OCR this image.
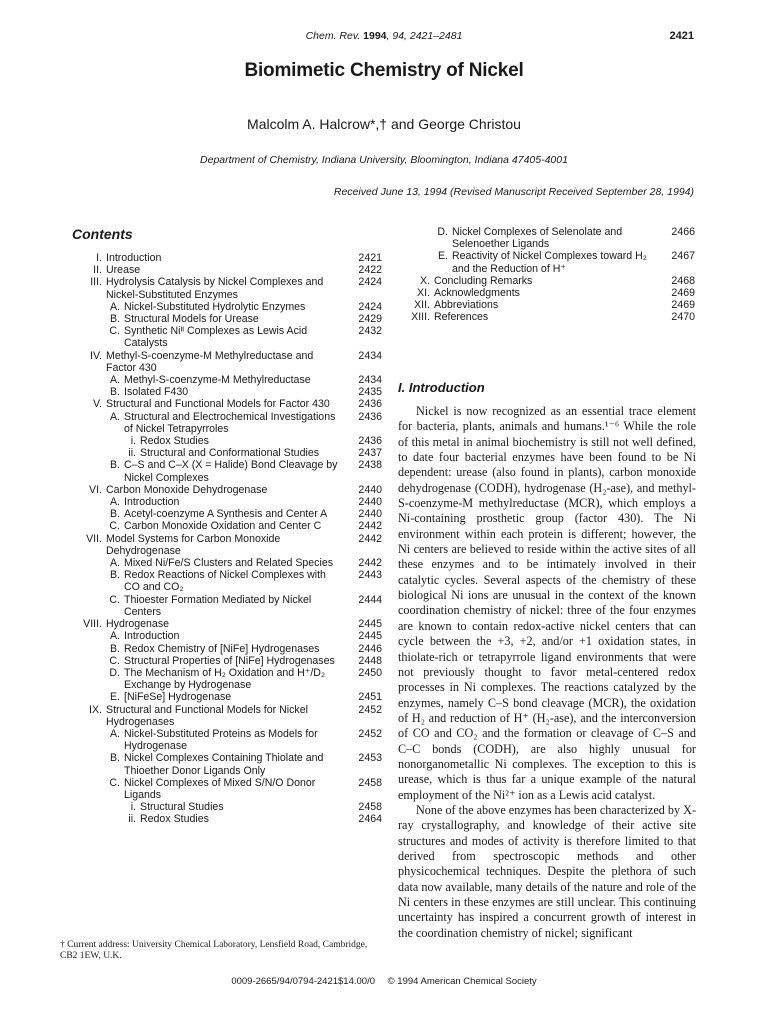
Chem. Rev. 1994, 94, 2421–2481	2421
Biomimetic Chemistry of Nickel
Malcolm A. Halcrow*,† and George Christou
Department of Chemistry, Indiana University, Bloomington, Indiana 47405-4001
Received June 13, 1994 (Revised Manuscript Received September 28, 1994)
Contents
I. Introduction	2421
II. Urease	2422
III. Hydrolysis Catalysis by Nickel Complexes and Nickel-Substituted Enzymes
2424
A. Nickel-Substituted Hydrolytic Enzymes	2424
B. Structural Models for Urease	2429
C. Synthetic Niᴵᴵ Complexes as Lewis Acid Catalysts
2432
IV. Methyl-S-coenzyme-M Methylreductase and Factor 430
2434
A. Methyl-S-coenzyme-M Methylreductase	2434
B. Isolated F430	2435
V. Structural and Functional Models for Factor 430	2436
A. Structural and Electrochemical Investigations of Nickel Tetrapyrroles
2436
i. Redox Studies	2436
ii. Structural and Conformational Studies	2437
B. C–S and C–X (X = Halide) Bond Cleavage by Nickel Complexes
2438
VI. Carbon Monoxide Dehydrogenase	2440
A. Introduction	2440
B. Acetyl-coenzyme A Synthesis and Center A	2440
C. Carbon Monoxide Oxidation and Center C	2442
VII. Model Systems for Carbon Monoxide Dehydrogenase
2442
A. Mixed Ni/Fe/S Clusters and Related Species	2442
B. Redox Reactions of Nickel Complexes with CO and CO₂
2443
C. Thioester Formation Mediated by Nickel Centers
2444
VIII. Hydrogenase	2445
A. Introduction	2445
B. Redox Chemistry of [NiFe] Hydrogenases	2446
C. Structural Properties of [NiFe] Hydrogenases	2448
D. The Mechanism of H₂ Oxidation and H⁺/D₂ Exchange by Hydrogenase
2450
E. [NiFeSe] Hydrogenase	2451
IX. Structural and Functional Models for Nickel Hydrogenases
2452
A. Nickel-Substituted Proteins as Models for Hydrogenase
2452
B. Nickel Complexes Containing Thiolate and Thioether Donor Ligands Only
2453
C. Nickel Complexes of Mixed S/N/O Donor Ligands
2458
i. Structural Studies	2458
ii. Redox Studies	2464
D. Nickel Complexes of Selenolate and Selenoether Ligands
2466
E. Reactivity of Nickel Complexes toward H₂ and the Reduction of H⁺
2467
X. Concluding Remarks	2468
XI. Acknowledgments	2469
XII. Abbreviations	2469
XIII. References	2470
I. Introduction

Nickel is now recognized as an essential trace element for bacteria, plants, animals and humans.¹⁻⁶ While the role of this metal in animal biochemistry is still not well defined, to date four bacterial enzymes have been found to be Ni dependent: urease (also found in plants), carbon monoxide dehydrogenase (CODH), hydrogenase (H₂-ase), and methyl-S-coenzyme-M methylreductase (MCR), which employs a Ni-containing prosthetic group (factor 430). The Ni environment within each protein is different; however, the Ni centers are believed to reside within the active sites of all these enzymes and to be intimately involved in their catalytic cycles. Several aspects of the chemistry of these biological Ni ions are unusual in the context of the known coordination chemistry of nickel: three of the four enzymes are known to contain redox-active nickel centers that can cycle between the +3, +2, and/or +1 oxidation states, in thiolate-rich or tetrapyrrole ligand environments that were not previously thought to favor metal-centered redox processes in Ni complexes. The reactions catalyzed by the enzymes, namely C–S bond cleavage (MCR), the oxidation of H₂ and reduction of H⁺ (H₂-ase), and the interconversion of CO and CO₂ and the formation or cleavage of C–S and C–C bonds (CODH), are also highly unusual for nonorganometallic Ni complexes. The exception to this is urease, which is thus far a unique example of the natural employment of the Ni²⁺ ion as a Lewis acid catalyst.

None of the above enzymes has been characterized by X-ray crystallography, and knowledge of their active site structures and modes of activity is therefore limited to that derived from spectroscopic methods and other physicochemical techniques. Despite the plethora of such data now available, many details of the nature and role of the Ni centers in these enzymes are still unclear. This continuing uncertainty has inspired a concurrent growth of interest in the coordination chemistry of nickel; significant

† Current address: University Chemical Laboratory, Lensfield Road, Cambridge, CB2 1EW, U.K.
0009-2665/94/0794-2421$14.00/0 © 1994 American Chemical Society
